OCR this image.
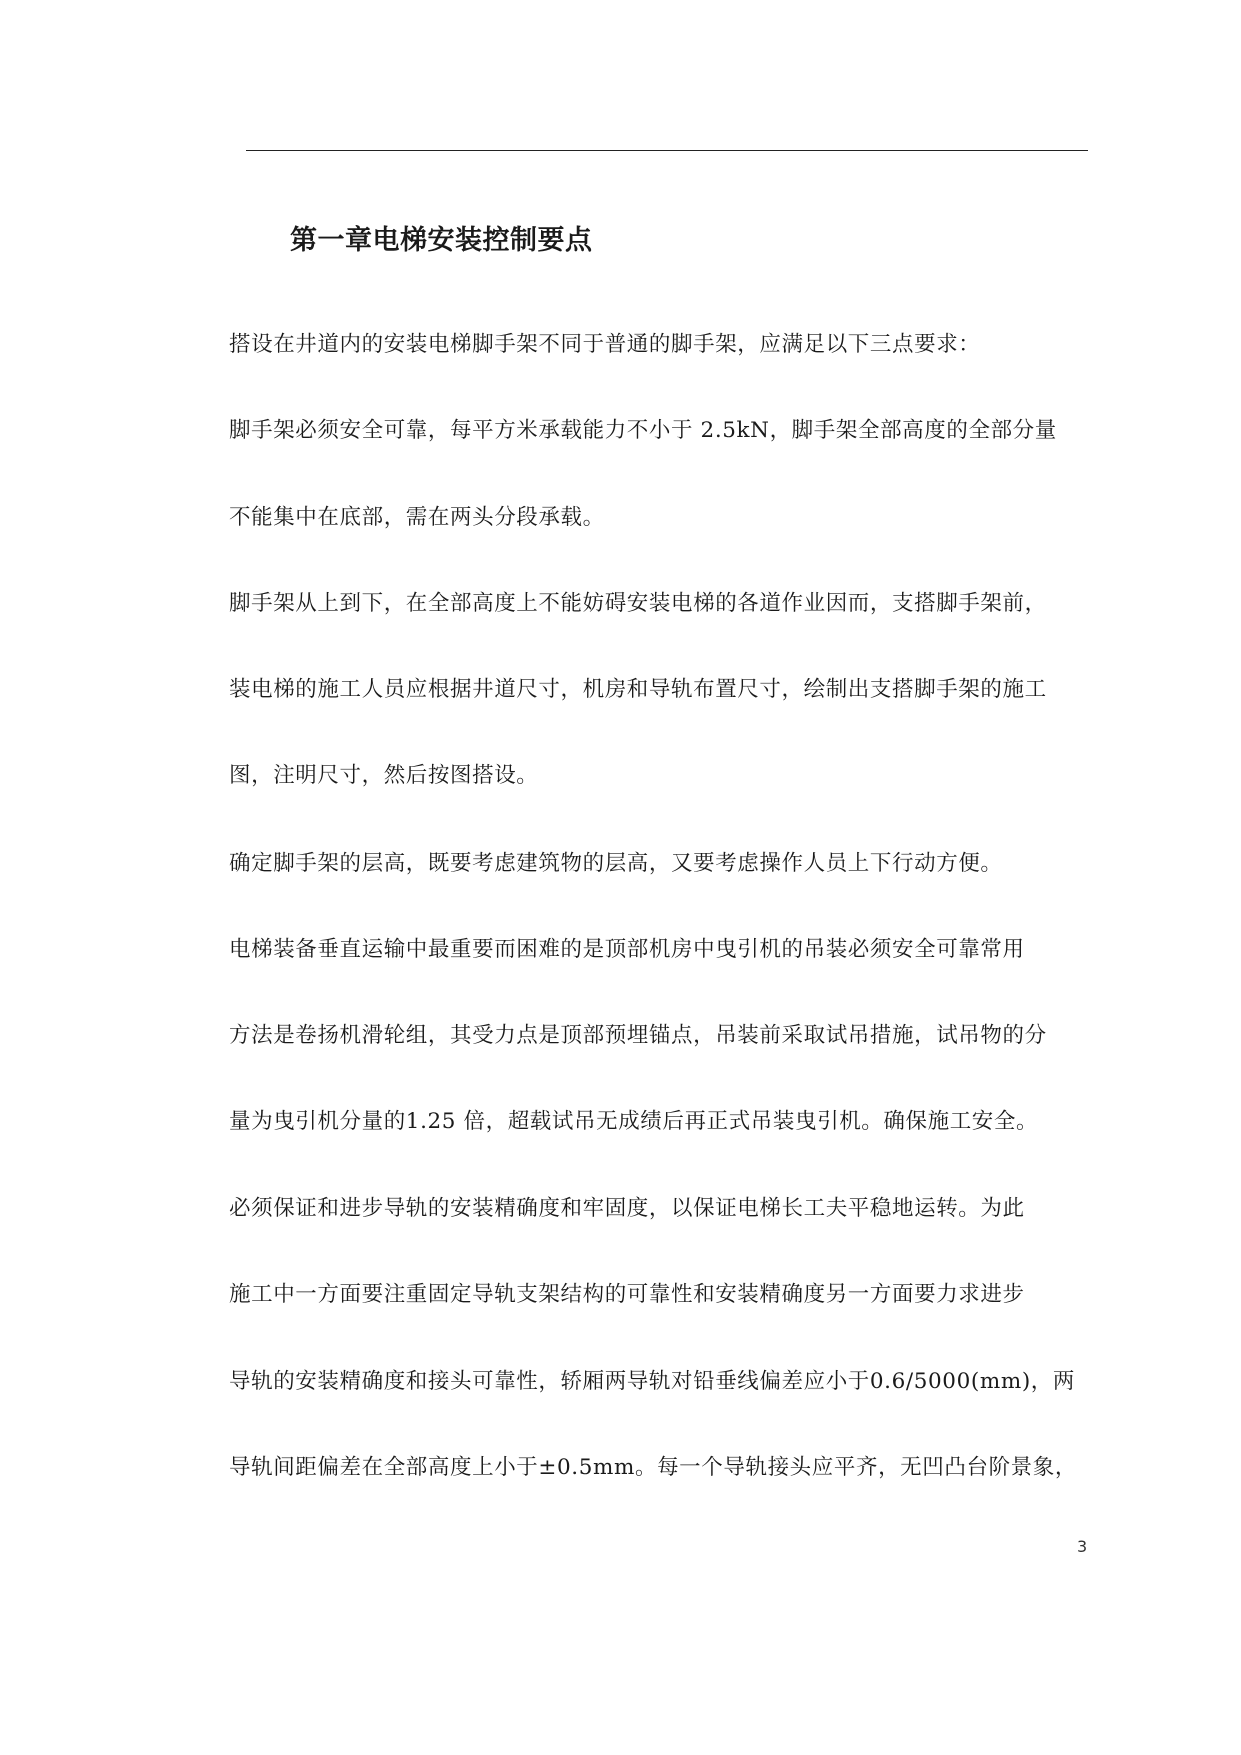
第一章电梯安装控制要点

搭设在井道内的安装电梯脚手架不同于普通的脚手架，应满足以下三点要求：

脚手架必须安全可靠，每平方米承载能力不小于 2.5kN，脚手架全部高度的全部分量

不能集中在底部，需在两头分段承载。

脚手架从上到下，在全部高度上不能妨碍安装电梯的各道作业因而，支搭脚手架前，

装电梯的施工人员应根据井道尺寸，机房和导轨布置尺寸，绘制出支搭脚手架的施工

图，注明尺寸，然后按图搭设。

确定脚手架的层高，既要考虑建筑物的层高，又要考虑操作人员上下行动方便。

电梯装备垂直运输中最重要而困难的是顶部机房中曳引机的吊装必须安全可靠常用

方法是卷扬机滑轮组，其受力点是顶部预埋锚点，吊装前采取试吊措施，试吊物的分

量为曳引机分量的1.25 倍，超载试吊无成绩后再正式吊装曳引机。确保施工安全。

必须保证和进步导轨的安装精确度和牢固度，以保证电梯长工夫平稳地运转。为此

施工中一方面要注重固定导轨支架结构的可靠性和安装精确度另一方面要力求进步

导轨的安装精确度和接头可靠性，轿厢两导轨对铅垂线偏差应小于0.6/5000(mm)，两

导轨间距偏差在全部高度上小于±0.5mm。每一个导轨接头应平齐，无凹凸台阶景象，

3
